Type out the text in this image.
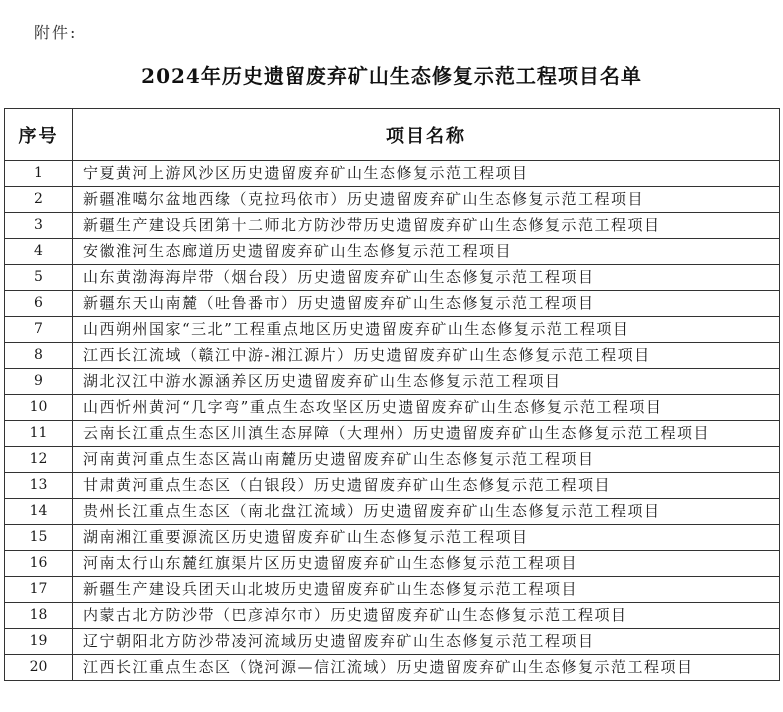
附件:
2024年历史遗留废弃矿山生态修复示范工程项目名单
序号	项目名称
1	宁夏黄河上游风沙区历史遗留废弃矿山生态修复示范工程项目
2	新疆准噶尔盆地西缘（克拉玛依市）历史遗留废弃矿山生态修复示范工程项目
3	新疆生产建设兵团第十二师北方防沙带历史遗留废弃矿山生态修复示范工程项目
4	安徽淮河生态廊道历史遗留废弃矿山生态修复示范工程项目
5	山东黄渤海海岸带（烟台段）历史遗留废弃矿山生态修复示范工程项目
6	新疆东天山南麓（吐鲁番市）历史遗留废弃矿山生态修复示范工程项目
7	山西朔州国家“三北”工程重点地区历史遗留废弃矿山生态修复示范工程项目
8	江西长江流域（赣江中游-湘江源片）历史遗留废弃矿山生态修复示范工程项目
9	湖北汉江中游水源涵养区历史遗留废弃矿山生态修复示范工程项目
10	山西忻州黄河“几字弯”重点生态攻坚区历史遗留废弃矿山生态修复示范工程项目
11	云南长江重点生态区川滇生态屏障（大理州）历史遗留废弃矿山生态修复示范工程项目
12	河南黄河重点生态区嵩山南麓历史遗留废弃矿山生态修复示范工程项目
13	甘肃黄河重点生态区（白银段）历史遗留废弃矿山生态修复示范工程项目
14	贵州长江重点生态区（南北盘江流域）历史遗留废弃矿山生态修复示范工程项目
15	湖南湘江重要源流区历史遗留废弃矿山生态修复示范工程项目
16	河南太行山东麓红旗渠片区历史遗留废弃矿山生态修复示范工程项目
17	新疆生产建设兵团天山北坡历史遗留废弃矿山生态修复示范工程项目
18	内蒙古北方防沙带（巴彦淖尔市）历史遗留废弃矿山生态修复示范工程项目
19	辽宁朝阳北方防沙带凌河流域历史遗留废弃矿山生态修复示范工程项目
20	江西长江重点生态区（饶河源—信江流域）历史遗留废弃矿山生态修复示范工程项目
